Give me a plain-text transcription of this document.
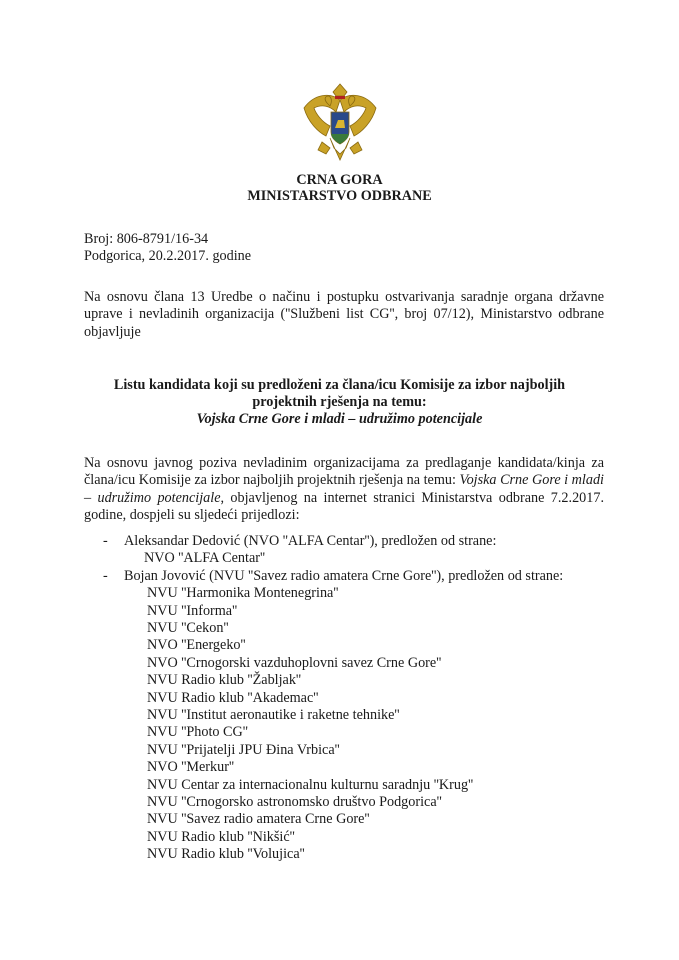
CRNA GORA
MINISTARSTVO ODBRANE
Broj: 806-8791/16-34
Podgorica, 20.2.2017. godine
Na osnovu člana 13 Uredbe o načinu i postupku ostvarivanja saradnje organa državne
uprave i nevladinih organizacija (''Službeni list CG'', broj 07/12), Ministarstvo odbrane
objavljuje
Listu kandidata koji su predloženi za člana/icu Komisije za izbor najboljih
projektnih rješenja na temu:
Vojska Crne Gore i mladi – udružimo potencijale
Na osnovu javnog poziva nevladinim organizacijama za predlaganje kandidata/kinja za
člana/icu Komisije za izbor najboljih projektnih rješenja na temu: Vojska Crne Gore i mladi
– udružimo potencijale, objavljenog na internet stranici Ministarstva odbrane 7.2.2017.
godine, dospjeli su sljedeći prijedlozi:
- Aleksandar Dedović (NVO ''ALFA Centar''), predložen od strane:
NVO ''ALFA Centar''
- Bojan Jovović (NVU ''Savez radio amatera Crne Gore''), predložen od strane:
NVU ''Harmonika Montenegrina''
NVU ''Informa''
NVU ''Cekon''
NVO ''Energeko''
NVO ''Crnogorski vazduhoplovni savez Crne Gore''
NVU Radio klub ''Žabljak''
NVU Radio klub ''Akademac''
NVU ''Institut aeronautike i raketne tehnike''
NVU ''Photo CG''
NVU ''Prijatelji JPU Đina Vrbica''
NVO ''Merkur''
NVU Centar za internacionalnu kulturnu saradnju ''Krug''
NVU ''Crnogorsko astronomsko društvo Podgorica''
NVU ''Savez radio amatera Crne Gore''
NVU Radio klub ''Nikšić''
NVU Radio klub ''Volujica''
